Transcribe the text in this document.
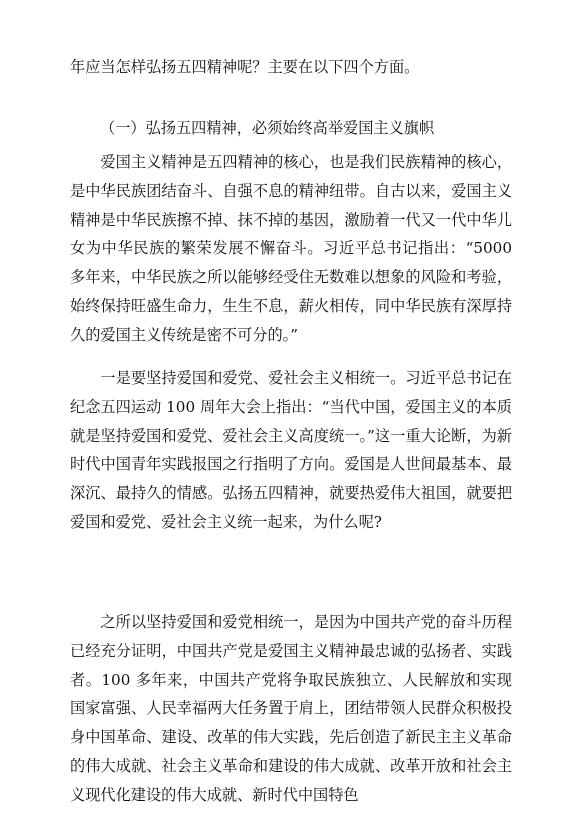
年应当怎样弘扬五四精神呢？主要在以下四个方面。

（一）弘扬五四精神，必须始终高举爱国主义旗帜

爱国主义精神是五四精神的核心，也是我们民族精神的核心，是中华民族团结奋斗、自强不息的精神纽带。自古以来，爱国主义精神是中华民族擦不掉、抹不掉的基因，激励着一代又一代中华儿女为中华民族的繁荣发展不懈奋斗。习近平总书记指出：“5000 多年来，中华民族之所以能够经受住无数难以想象的风险和考验，始终保持旺盛生命力，生生不息，薪火相传，同中华民族有深厚持久的爱国主义传统是密不可分的。”

一是要坚持爱国和爱党、爱社会主义相统一。习近平总书记在纪念五四运动 100 周年大会上指出：“当代中国，爱国主义的本质就是坚持爱国和爱党、爱社会主义高度统一。”这一重大论断，为新时代中国青年实践报国之行指明了方向。爱国是人世间最基本、最深沉、最持久的情感。弘扬五四精神，就要热爱伟大祖国，就要把爱国和爱党、爱社会主义统一起来，为什么呢?

之所以坚持爱国和爱党相统一，是因为中国共产党的奋斗历程已经充分证明，中国共产党是爱国主义精神最忠诚的弘扬者、实践者。100 多年来，中国共产党将争取民族独立、人民解放和实现国家富强、人民幸福两大任务置于肩上，团结带领人民群众积极投身中国革命、建设、改革的伟大实践，先后创造了新民主主义革命的伟大成就、社会主义革命和建设的伟大成就、改革开放和社会主义现代化建设的伟大成就、新时代中国特色
